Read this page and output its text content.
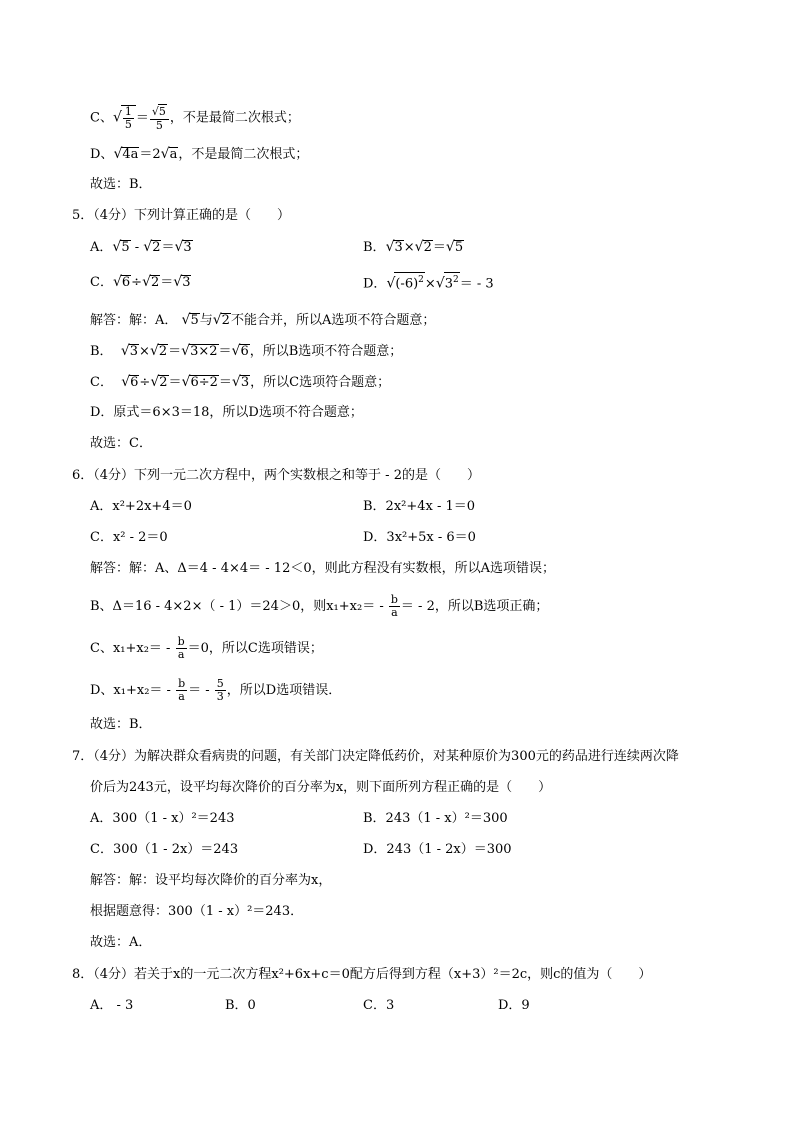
C、√ $\frac{1}{5} = \frac{√5}{5}$ ，不是最简二次根式；
D、√4a＝2√a，不是最简二次根式；
故选：B．
5．（4分）下列计算正确的是（　　）
A．√5 - √2＝√3	B．√3×√2＝√5
C．√6÷√2＝√3	D．$√(-6)^2\times√3^2= - 3$
解答：解：A． √5与√2不能合并，所以A选项不符合题意；
B． √3×√2＝√3×2＝√6，所以B选项不符合题意；
C． √6÷√2＝√6÷2＝√3，所以C选项符合题意；
D．原式＝6×3＝18，所以D选项不符合题意；
故选：C．
6．（4分）下列一元二次方程中，两个实数根之和等于 - 2的是（　　）
A．x²+2x+4＝0	B．2x²+4x - 1＝0
C．x² - 2＝0	D．3x²+5x - 6＝0
解答：解：A、Δ＝4 - 4×4＝ - 12＜0，则此方程没有实数根，所以A选项错误；
B、Δ＝16 - 4×2×（ - 1）＝24＞0，则$x_1+x_2= - \frac{b}{a}$ ＝ - 2，所以B选项正确；
C、$x_1+x_2= - \frac{b}{a} =0$，所以C选项错误；
D、$x_1+x_2= - \frac{b}{a}$ ＝ - $\frac{5}{3}$ ，所以D选项错误．
故选：B．
7．（4分）为解决群众看病贵的问题，有关部门决定降低药价，对某种原价为300元的药品进行连续两次降
价后为243元，设平均每次降价的百分率为x，则下面所列方程正确的是（　　）
A．300（1 - x）²＝243	B．243（1 - x）²＝300
C．300（1 - 2x）＝243	D．243（1 - 2x）＝300
解答：解：设平均每次降价的百分率为x，
根据题意得：300（1 - x）²＝243．
故选：A．
8．（4分）若关于x的一元二次方程x²+6x+c＝0配方后得到方程（x+3）²＝2c，则c的值为（　　）
A． - 3	B．0	C．3	D．9
